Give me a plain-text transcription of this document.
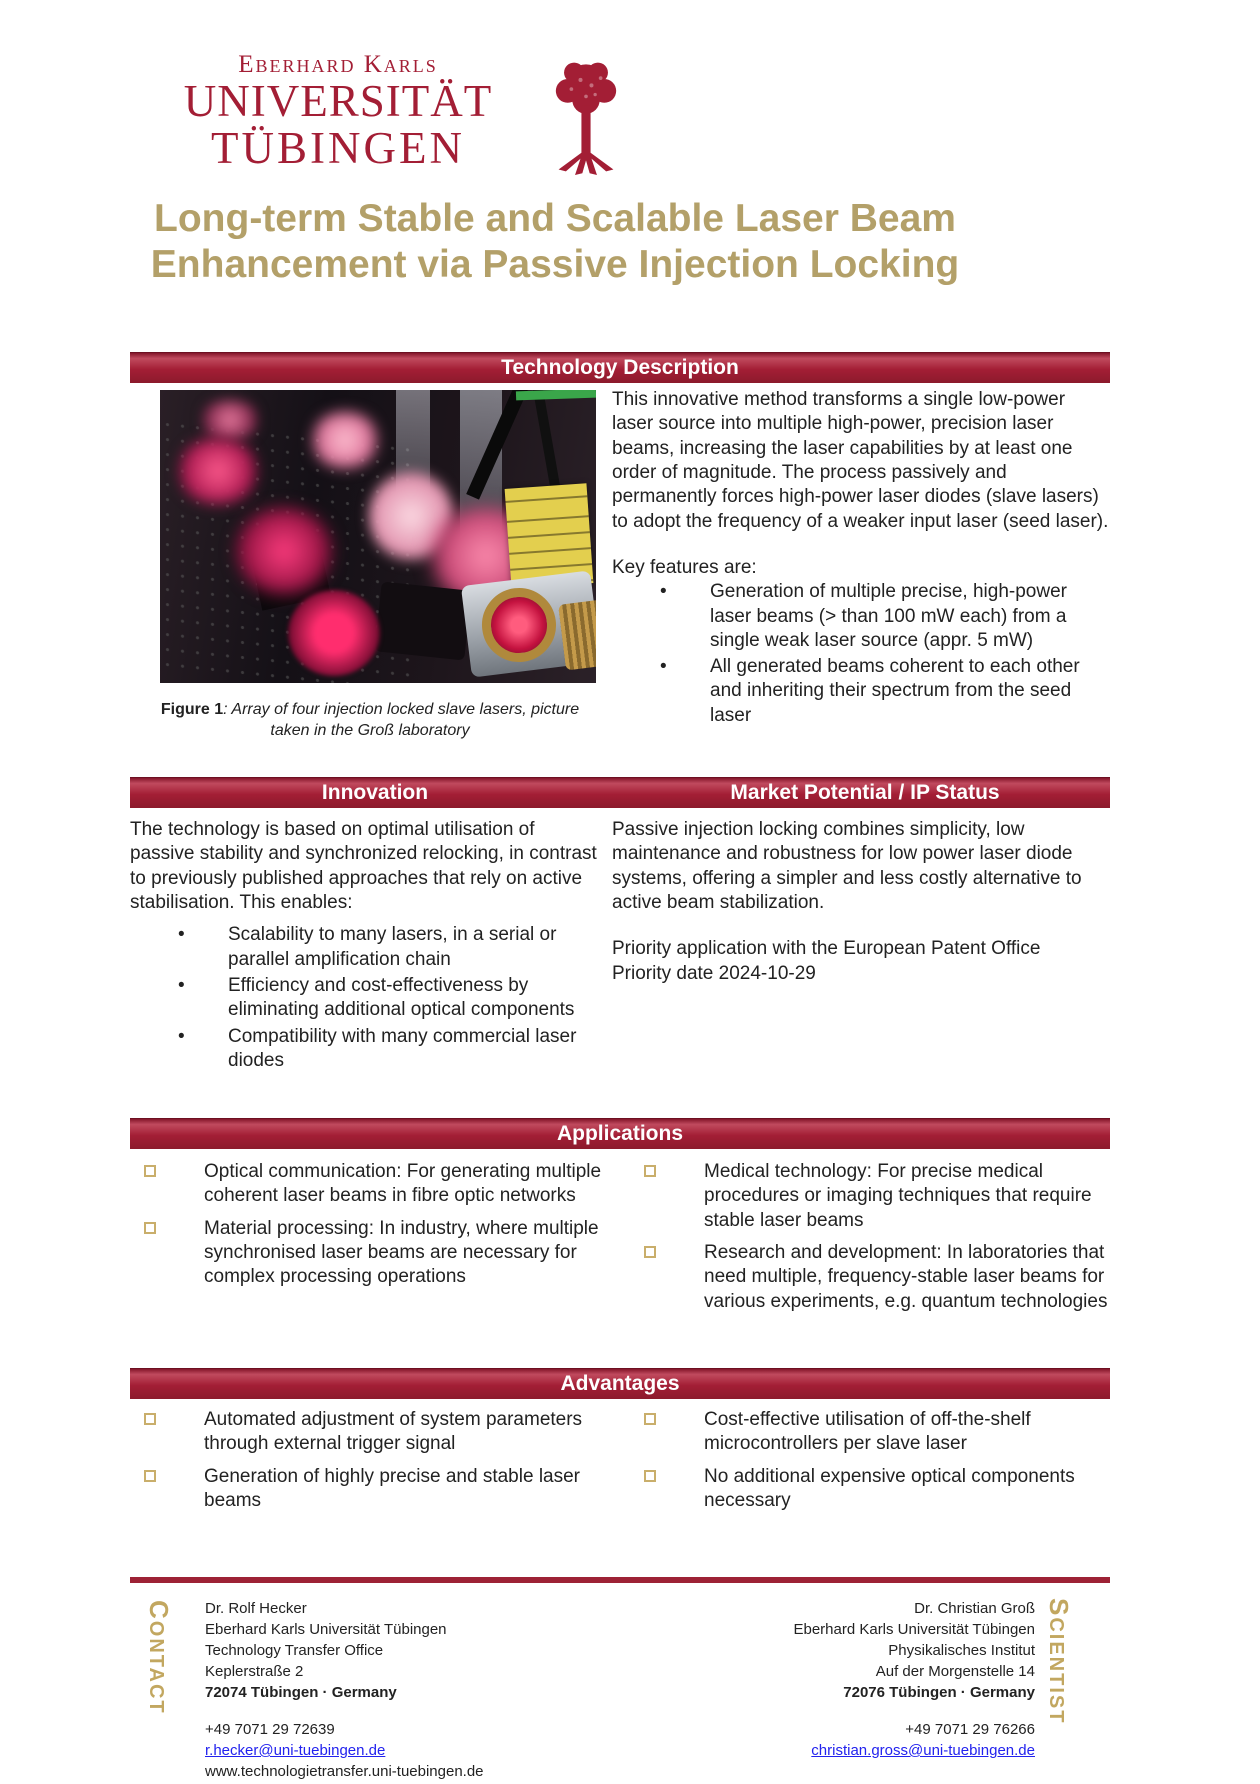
Eberhard Karls
UNIVERSITÄT
TÜBINGEN
Long-term Stable and Scalable Laser Beam Enhancement via Passive Injection Locking
Technology Description

This innovative method transforms a single low-power laser source into multiple high-power, precision laser beams, increasing the laser capabilities by at least one order of magnitude. The process passively and permanently forces high-power laser diodes (slave lasers) to adopt the frequency of a weaker input laser (seed laser).

Key features are:

•	Generation of multiple precise, high-power laser beams (> than 100 mW each) from a single weak laser source (appr. 5 mW)
•	All generated beams coherent to each other and inheriting their spectrum from the seed laser
Figure 1: Array of four injection locked slave lasers, picture taken in the Groß laboratory
Innovation	Market Potential / IP Status

The technology is based on optimal utilisation of passive stability and synchronized relocking, in contrast to previously published approaches that rely on active stabilisation. This enables:

•	Scalability to many lasers, in a serial or parallel amplification chain
•	Efficiency and cost-effectiveness by eliminating additional optical components
•	Compatibility with many commercial laser diodes

Passive injection locking combines simplicity, low maintenance and robustness for low power laser diode systems, offering a simpler and less costly alternative to active beam stabilization.

Priority application with the European Patent Office

Priority date 2024-10-29

Applications
Optical communication: For generating multiple coherent laser beams in fibre optic networks
Material processing: In industry, where multiple synchronised laser beams are necessary for complex processing operations
Medical technology: For precise medical procedures or imaging techniques that require stable laser beams
Research and development: In laboratories that need multiple, frequency-stable laser beams for various experiments, e.g. quantum technologies
Advantages
Automated adjustment of system parameters through external trigger signal
Generation of highly precise and stable laser beams
Cost-effective utilisation of off-the-shelf microcontrollers per slave laser
No additional expensive optical components necessary
CONTACT
Dr. Rolf Hecker
Eberhard Karls Universität Tübingen
Technology Transfer Office
Keplerstraße 2
72074 Tübingen · Germany
+49 7071 29 72639
r.hecker@uni-tuebingen.de
www.technologietransfer.uni-tuebingen.de
SCIENTIST
Dr. Christian Groß
Eberhard Karls Universität Tübingen
Physikalisches Institut
Auf der Morgenstelle 14
72076 Tübingen · Germany
+49 7071 29 76266
christian.gross@uni-tuebingen.de
